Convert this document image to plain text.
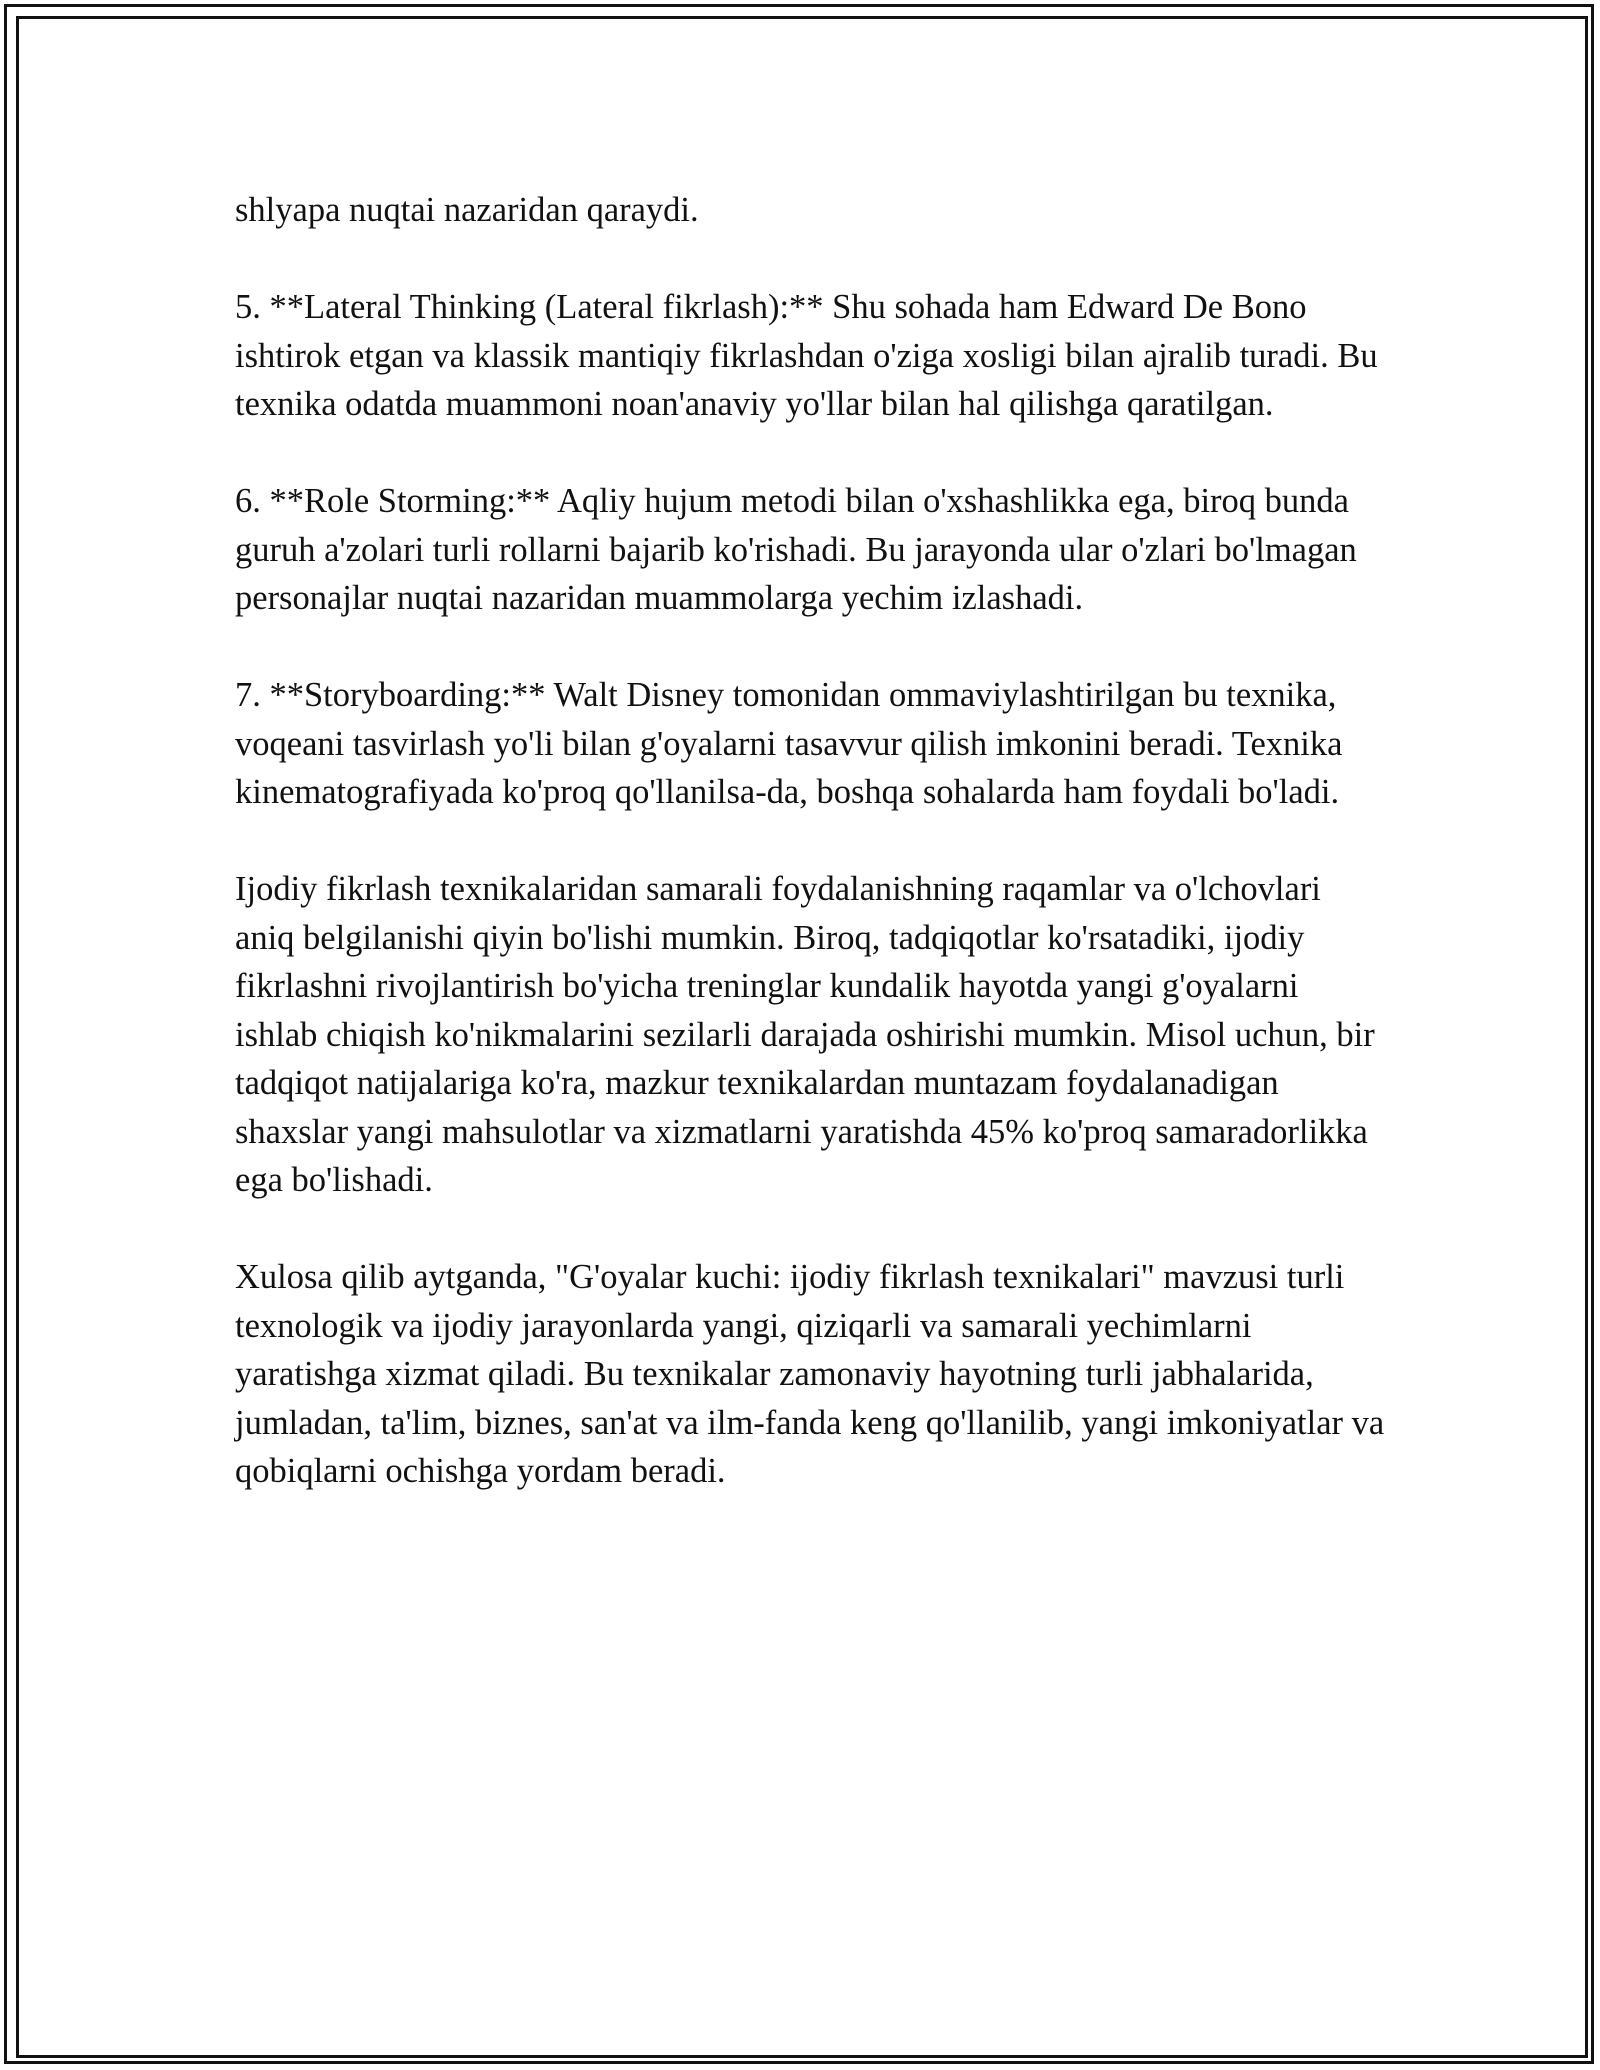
shlyapa nuqtai nazaridan qaraydi.

5. **Lateral Thinking (Lateral fikrlash):** Shu sohada ham Edward De Bono ishtirok etgan va klassik mantiqiy fikrlashdan o'ziga xosligi bilan ajralib turadi. Bu texnika odatda muammoni noan'anaviy yo'llar bilan hal qilishga qaratilgan.

6. **Role Storming:** Aqliy hujum metodi bilan o'xshashlikka ega, biroq bunda guruh a'zolari turli rollarni bajarib ko'rishadi. Bu jarayonda ular o'zlari bo'lmagan personajlar nuqtai nazaridan muammolarga yechim izlashadi.

7. **Storyboarding:** Walt Disney tomonidan ommaviylashtirilgan bu texnika, voqeani tasvirlash yo'li bilan g'oyalarni tasavvur qilish imkonini beradi. Texnika kinematografiyada ko'proq qo'llanilsa-da, boshqa sohalarda ham foydali bo'ladi.

Ijodiy fikrlash texnikalaridan samarali foydalanishning raqamlar va o'lchovlari aniq belgilanishi qiyin bo'lishi mumkin. Biroq, tadqiqotlar ko'rsatadiki, ijodiy fikrlashni rivojlantirish bo'yicha treninglar kundalik hayotda yangi g'oyalarni ishlab chiqish ko'nikmalarini sezilarli darajada oshirishi mumkin. Misol uchun, bir tadqiqot natijalariga ko'ra, mazkur texnikalardan muntazam foydalanadigan shaxslar yangi mahsulotlar va xizmatlarni yaratishda 45% ko'proq samaradorlikka ega bo'lishadi.

Xulosa qilib aytganda, "G'oyalar kuchi: ijodiy fikrlash texnikalari" mavzusi turli texnologik va ijodiy jarayonlarda yangi, qiziqarli va samarali yechimlarni yaratishga xizmat qiladi. Bu texnikalar zamonaviy hayotning turli jabhalarida, jumladan, ta'lim, biznes, san'at va ilm-fanda keng qo'llanilib, yangi imkoniyatlar va qobiqlarni ochishga yordam beradi.
